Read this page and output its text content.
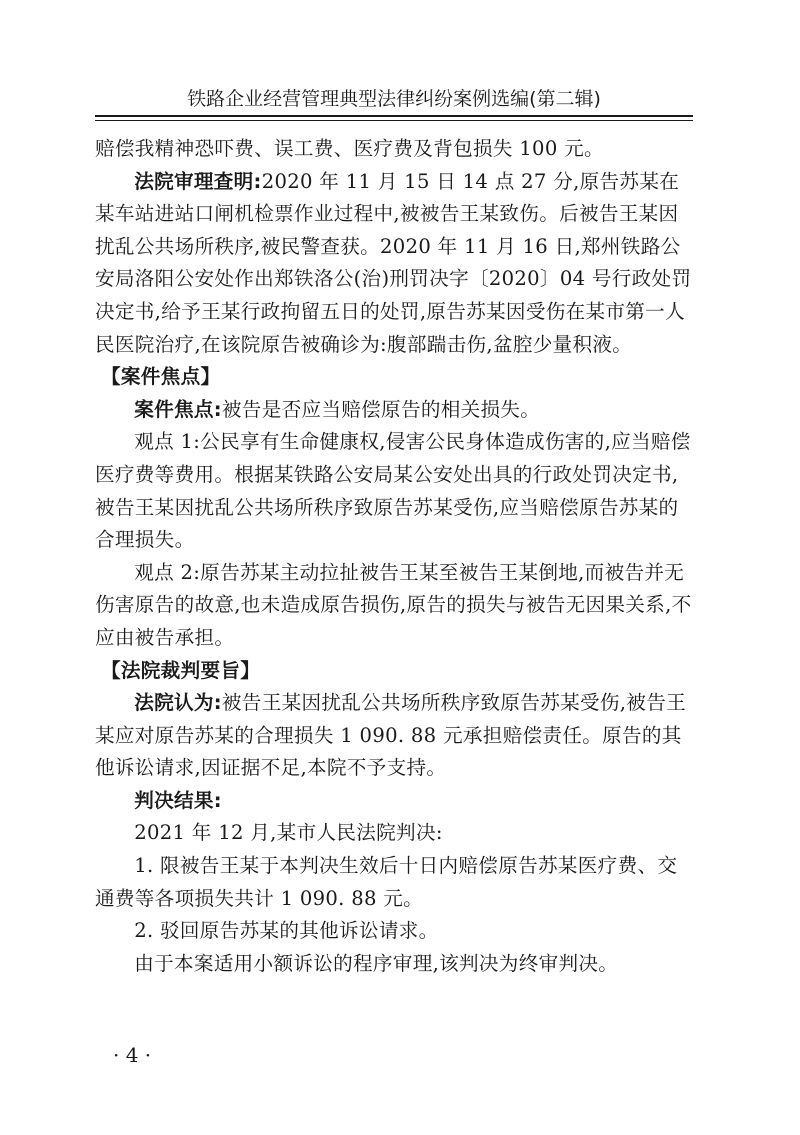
铁路企业经营管理典型法律纠纷案例选编(第二辑)

赔偿我精神恐吓费、误工费、医疗费及背包损失 100 元。

法院审理查明:2020 年 11 月 15 日 14 点 27 分,原告苏某在某车站进站口闸机检票作业过程中,被被告王某致伤。后被告王某因扰乱公共场所秩序,被民警查获。2020 年 11 月 16 日,郑州铁路公安局洛阳公安处作出郑铁洛公(治)刑罚决字〔2020〕04 号行政处罚决定书,给予王某行政拘留五日的处罚,原告苏某因受伤在某市第一人民医院治疗,在该院原告被确诊为:腹部踹击伤,盆腔少量积液。

【案件焦点】

案件焦点:被告是否应当赔偿原告的相关损失。

观点 1:公民享有生命健康权,侵害公民身体造成伤害的,应当赔偿医疗费等费用。根据某铁路公安局某公安处出具的行政处罚决定书,被告王某因扰乱公共场所秩序致原告苏某受伤,应当赔偿原告苏某的合理损失。

观点 2:原告苏某主动拉扯被告王某至被告王某倒地,而被告并无伤害原告的故意,也未造成原告损伤,原告的损失与被告无因果关系,不应由被告承担。

【法院裁判要旨】

法院认为:被告王某因扰乱公共场所秩序致原告苏某受伤,被告王某应对原告苏某的合理损失 1 090. 88 元承担赔偿责任。原告的其他诉讼请求,因证据不足,本院不予支持。

判决结果:

2021 年 12 月,某市人民法院判决:

1. 限被告王某于本判决生效后十日内赔偿原告苏某医疗费、交通费等各项损失共计 1 090. 88 元。

2. 驳回原告苏某的其他诉讼请求。

由于本案适用小额诉讼的程序审理,该判决为终审判决。

· 4 ·
